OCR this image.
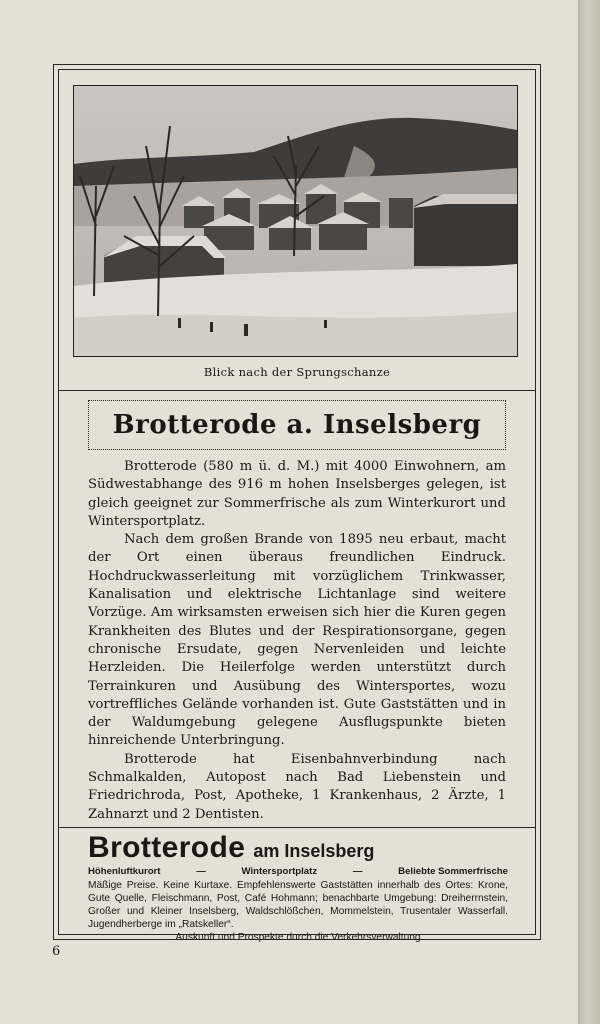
Blick nach der Sprungschanze
Brotterode a. Inselsberg

Brotterode (580 m ü. d. M.) mit 4000 Einwohnern, am Südwestabhange des 916 m hohen Inselsberges gelegen, ist gleich geeignet zur Sommerfrische als zum Winterkurort und Wintersportplatz.

Nach dem großen Brande von 1895 neu erbaut, macht der Ort einen überaus freundlichen Eindruck. Hochdruckwasserleitung mit vorzüglichem Trinkwasser, Kanalisation und elektrische Lichtanlage sind weitere Vorzüge. Am wirksamsten erweisen sich hier die Kuren gegen Krankheiten des Blutes und der Respirationsorgane, gegen chronische Ersudate, gegen Nervenleiden und leichte Herzleiden. Die Heilerfolge werden unterstützt durch Terrainkuren und Ausübung des Wintersportes, wozu vortreffliches Gelände vorhanden ist. Gute Gaststätten und in der Waldumgebung gelegene Ausflugspunkte bieten hinreichende Unterbringung.

Brotterode hat Eisenbahnverbindung nach Schmalkalden, Autopost nach Bad Liebenstein und Friedrichroda, Post, Apotheke, 1 Krankenhaus, 2 Ärzte, 1 Zahnarzt und 2 Dentisten.

Brotterode am Inselsberg
Höhenluftkurort	—	Wintersportplatz	—	Beliebte Sommerfrische
Mäßige Preise. Keine Kurtaxe. Empfehlenswerte Gaststätten innerhalb des Ortes: Krone, Gute Quelle, Fleischmann, Post, Café Hohmann; benachbarte Umgebung: Dreiherrnstein, Großer und Kleiner Inselsberg, Waldschlößchen, Mommelstein, Trusentaler Wasserfall. Jugendherberge im „Ratskeller“.
Auskunft und Prospekte durch die Verkehrsverwaltung
6
